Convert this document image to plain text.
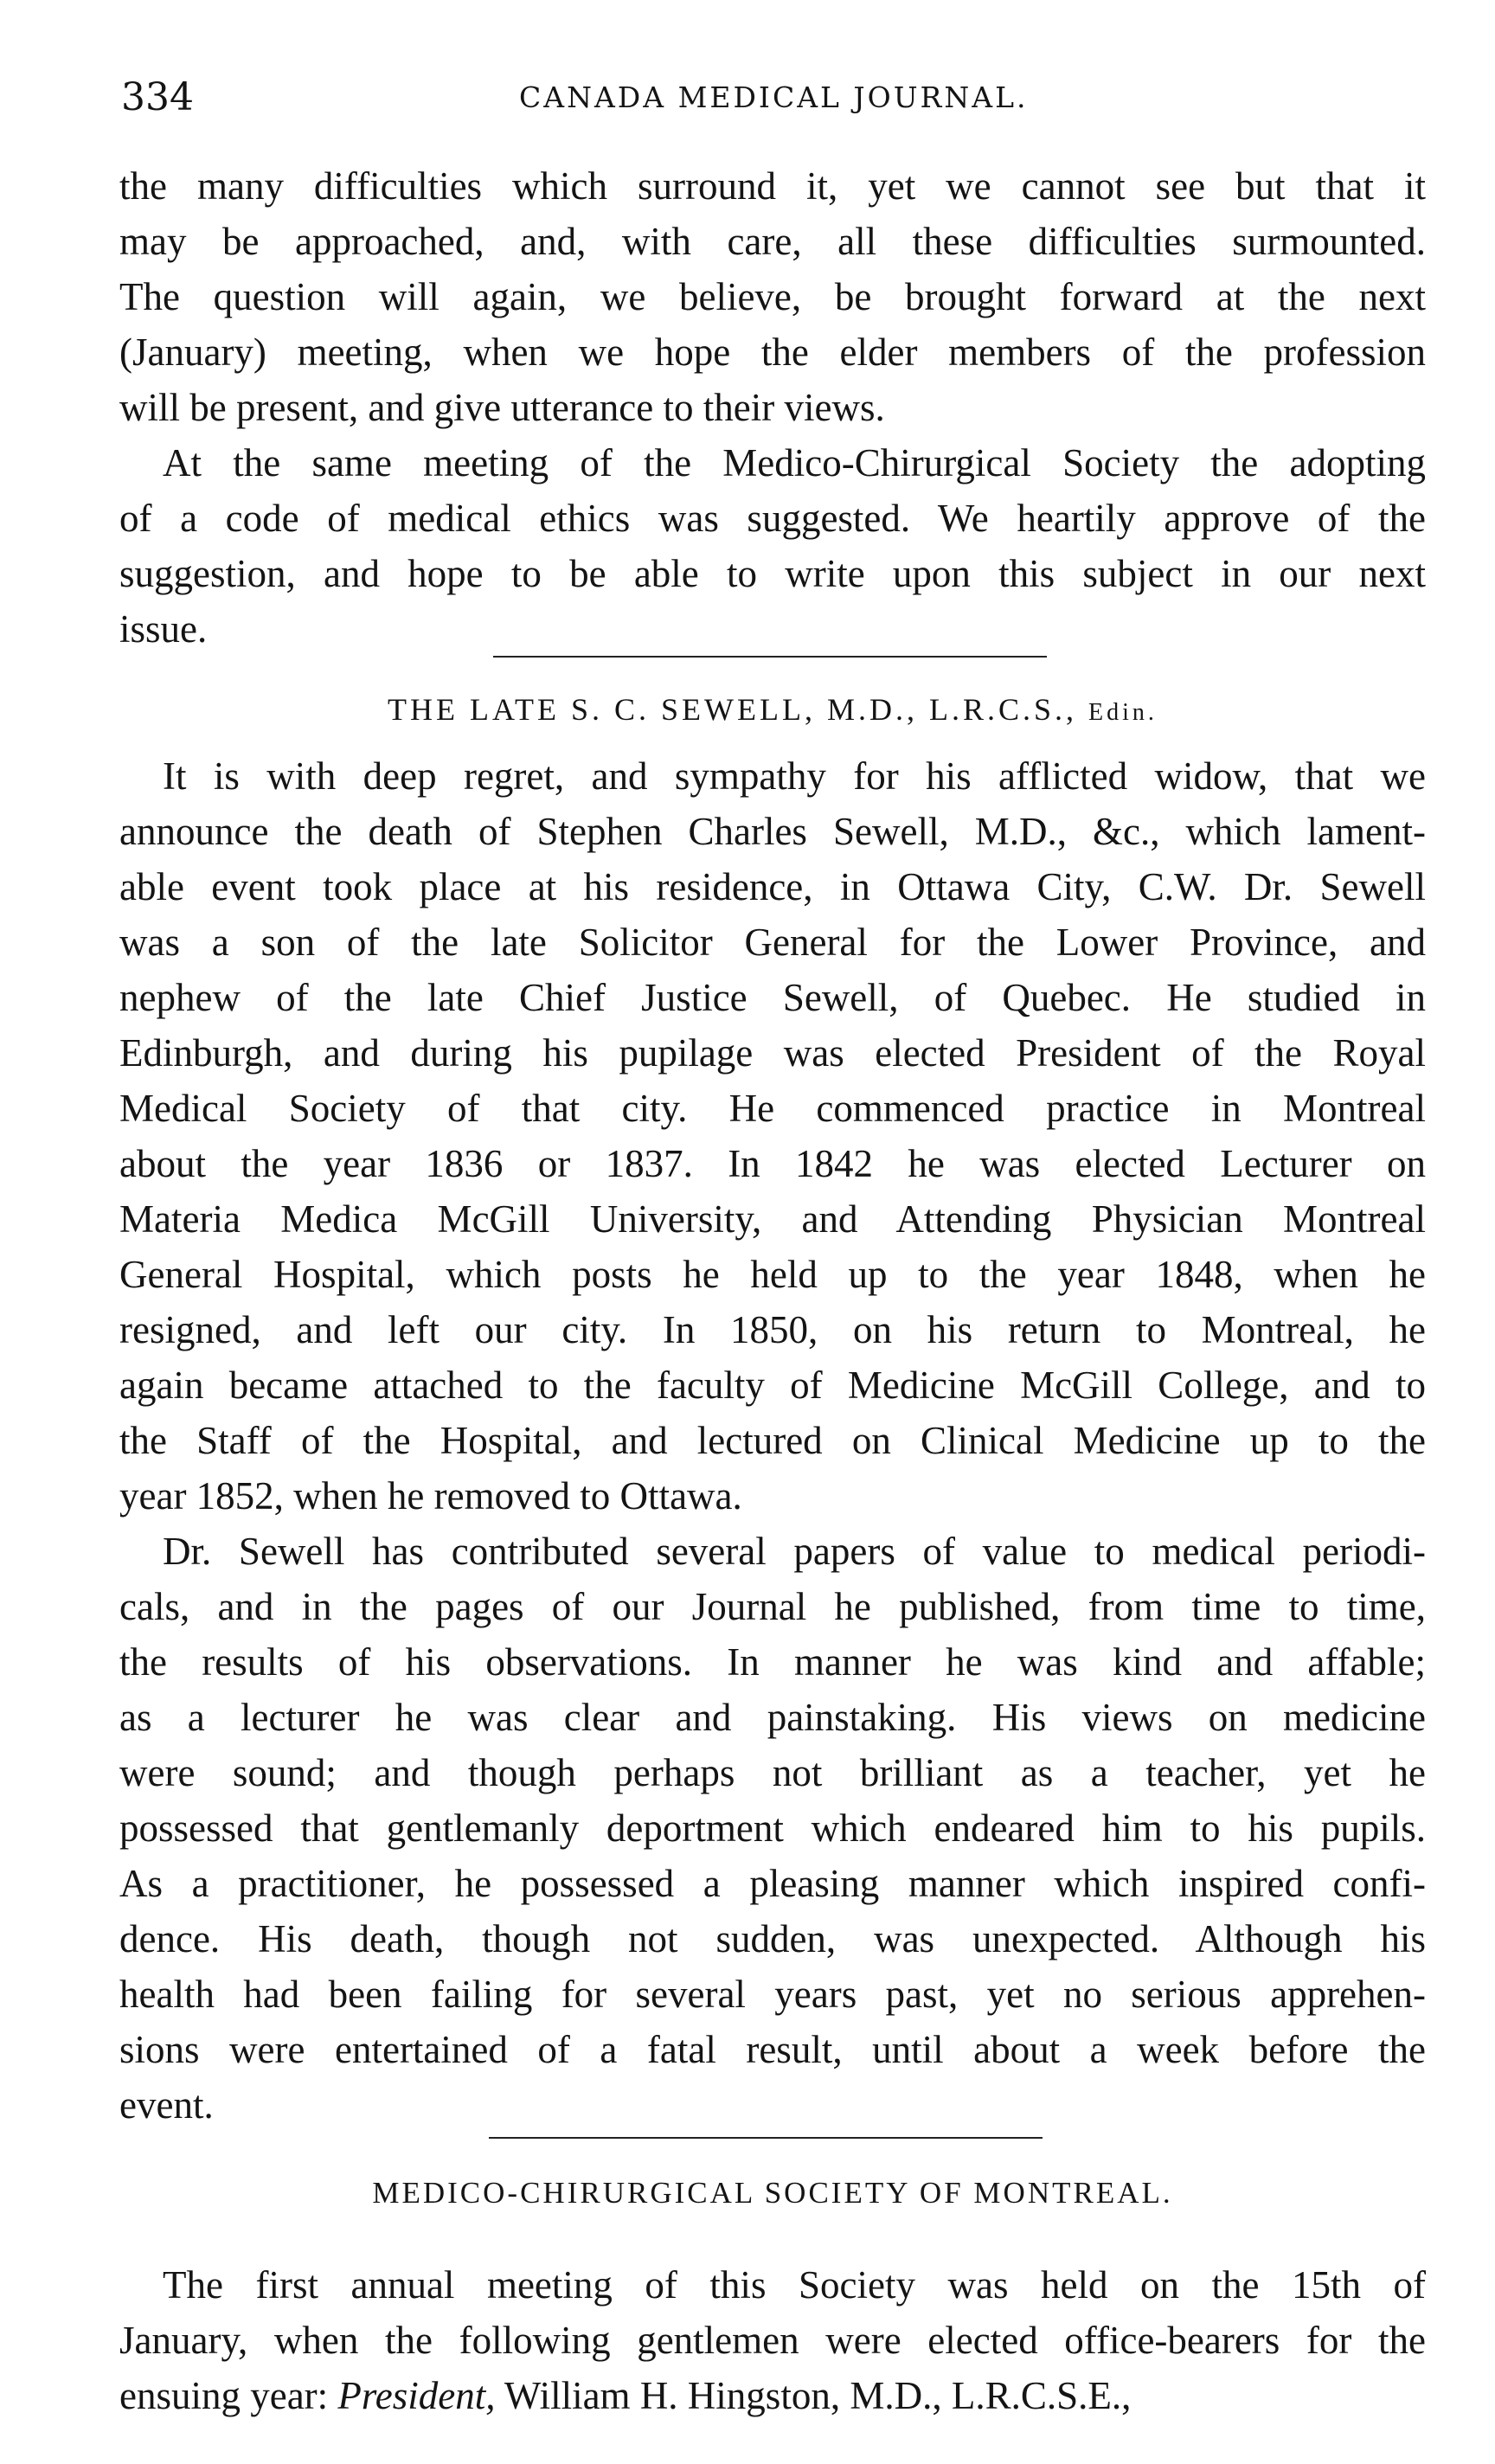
334	CANADA MEDICAL JOURNAL.
the many difficulties which surround it, yet we cannot see but that it
may be approached, and, with care, all these difficulties surmounted.
The question will again, we believe, be brought forward at the next
(January) meeting, when we hope the elder members of the profession
will be present, and give utterance to their views.
At the same meeting of the Medico-Chirurgical Society the adopting
of a code of medical ethics was suggested. We heartily approve of the
suggestion, and hope to be able to write upon this subject in our next
issue.
THE LATE S. C. SEWELL, M.D., L.R.C.S., Edin.
It is with deep regret, and sympathy for his afflicted widow, that we
announce the death of Stephen Charles Sewell, M.D., &c., which lament-
able event took place at his residence, in Ottawa City, C.W. Dr. Sewell
was a son of the late Solicitor General for the Lower Province, and
nephew of the late Chief Justice Sewell, of Quebec. He studied in
Edinburgh, and during his pupilage was elected President of the Royal
Medical Society of that city. He commenced practice in Montreal
about the year 1836 or 1837. In 1842 he was elected Lecturer on
Materia Medica McGill University, and Attending Physician Montreal
General Hospital, which posts he held up to the year 1848, when he
resigned, and left our city. In 1850, on his return to Montreal, he
again became attached to the faculty of Medicine McGill College, and to
the Staff of the Hospital, and lectured on Clinical Medicine up to the
year 1852, when he removed to Ottawa.
Dr. Sewell has contributed several papers of value to medical periodi-
cals, and in the pages of our Journal he published, from time to time,
the results of his observations. In manner he was kind and affable;
as a lecturer he was clear and painstaking. His views on medicine
were sound; and though perhaps not brilliant as a teacher, yet he
possessed that gentlemanly deportment which endeared him to his pupils.
As a practitioner, he possessed a pleasing manner which inspired confi-
dence. His death, though not sudden, was unexpected. Although his
health had been failing for several years past, yet no serious apprehen-
sions were entertained of a fatal result, until about a week before the
event.
MEDICO-CHIRURGICAL SOCIETY OF MONTREAL.
The first annual meeting of this Society was held on the 15th of
January, when the following gentlemen were elected office-bearers for the
ensuing year: President, William H. Hingston, M.D., L.R.C.S.E.,
